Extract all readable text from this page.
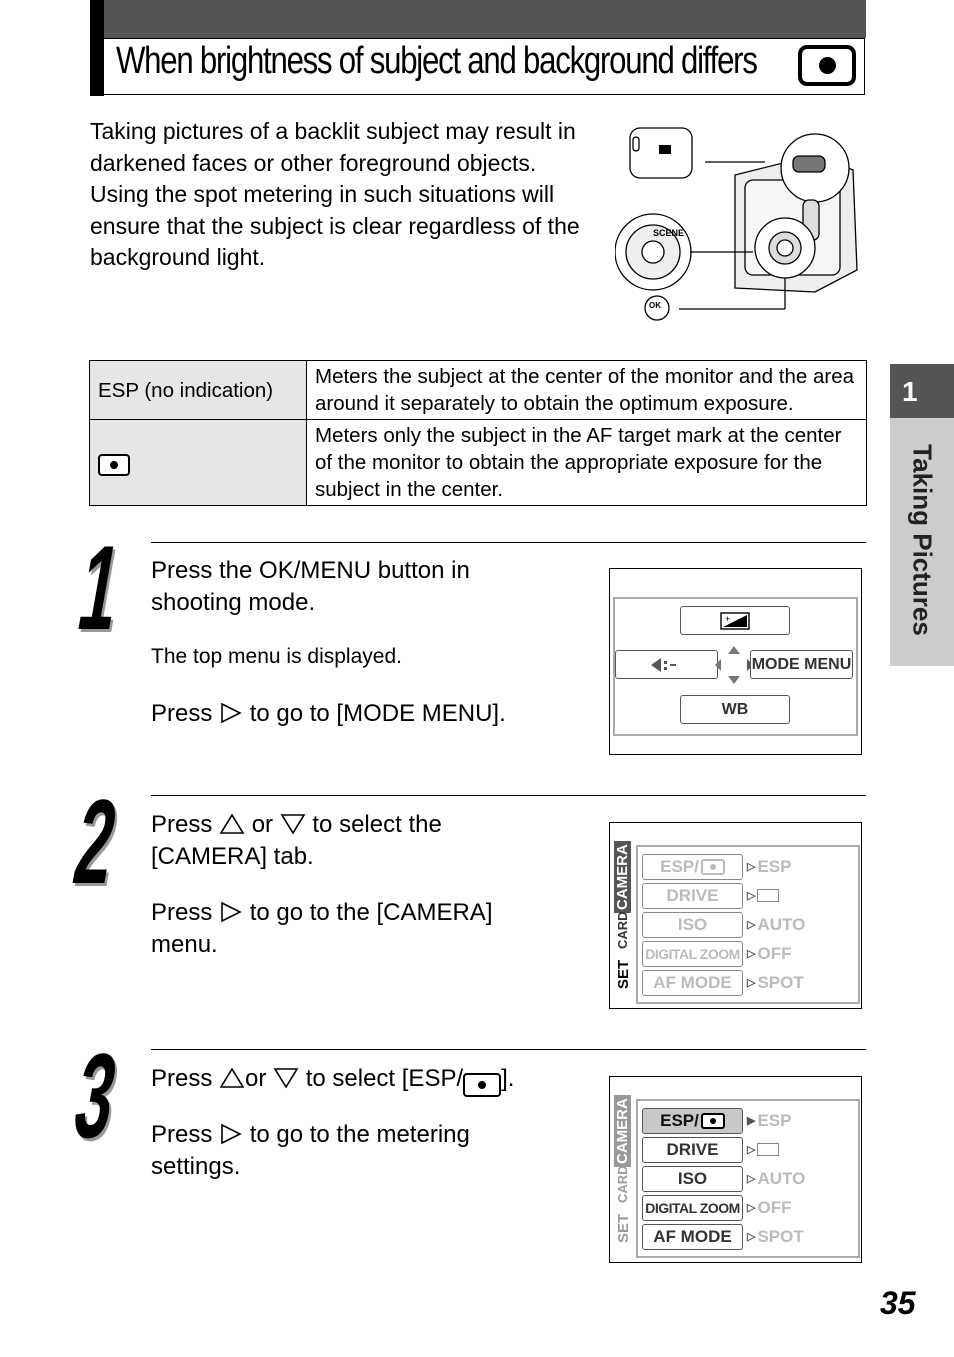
When brightness of subject and background differs
Taking pictures of a backlit subject may result in darkened faces or other foreground objects. Using the spot metering in such situations will ensure that the subject is clear regardless of the background light.
SCENE
OK
ESP (no indication)	Meters the subject at the center of the monitor and the area around it separately to obtain the optimum exposure.

	Meters only the subject in the AF target mark at the center of the monitor to obtain the appropriate exposure for the subject in the center.
1
Taking Pictures
1 Press the OK/MENU button in shooting mode.
The top menu is displayed.
Press to go to [MODE MENU].
+
MODE MENU
WB
2 Press or to select the [CAMERA] tab.
Press to go to the [CAMERA] menu.
CAMERA
CARD
SET
ESP/	▷ ESP
DRIVE	▷
ISO	▷ AUTO
DIGITAL ZOOM ▷ OFF
AF MODE	▷ SPOT
3 Press or to select [ESP/ ].
Press to go to the metering settings.
CAMERA
CARD
SET
ESP/	▶ ESP
DRIVE	▷
ISO	▷ AUTO
DIGITAL ZOOM ▷ OFF
AF MODE	▷ SPOT
35
